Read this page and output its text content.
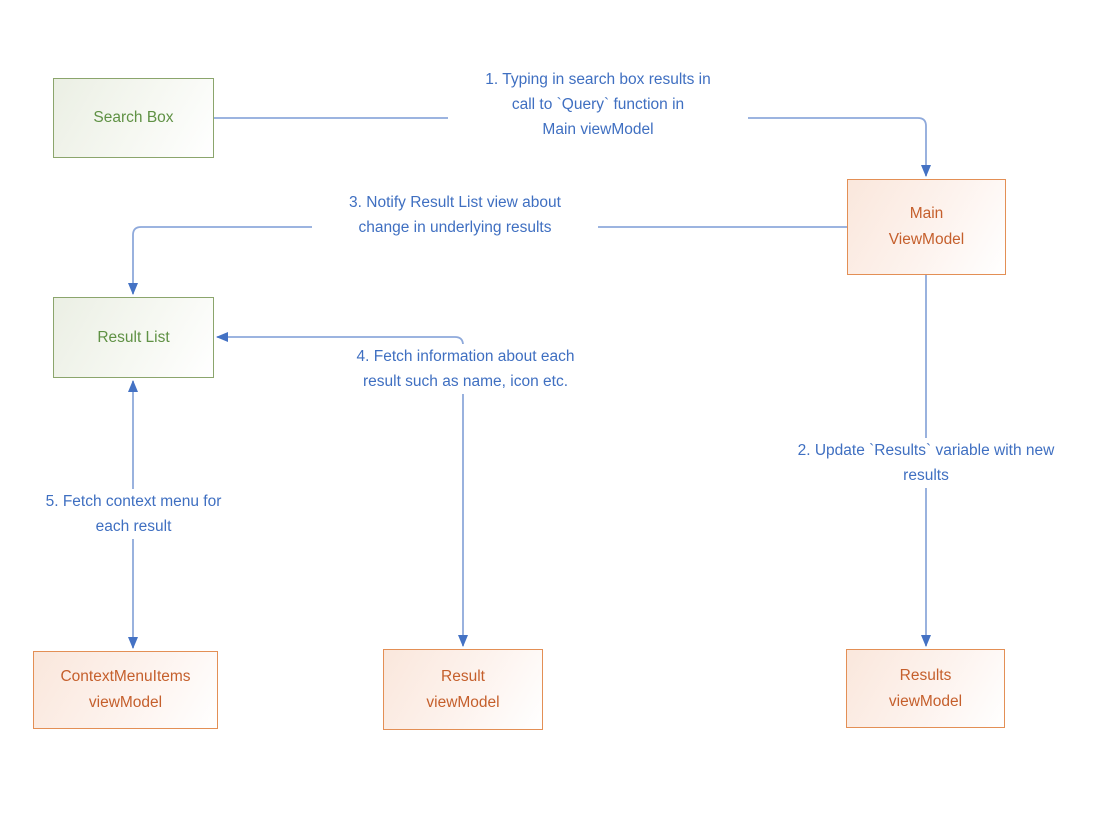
Search Box
Main
ViewModel
Result List
ContextMenuItems
viewModel
Result
viewModel
Results
viewModel
1. Typing in search box results in
call to `Query` function in
Main viewModel
3. Notify Result List view about
change in underlying results
4. Fetch information about each
result such as name, icon etc.
5. Fetch context menu for
each result
2. Update `Results` variable with new
results
